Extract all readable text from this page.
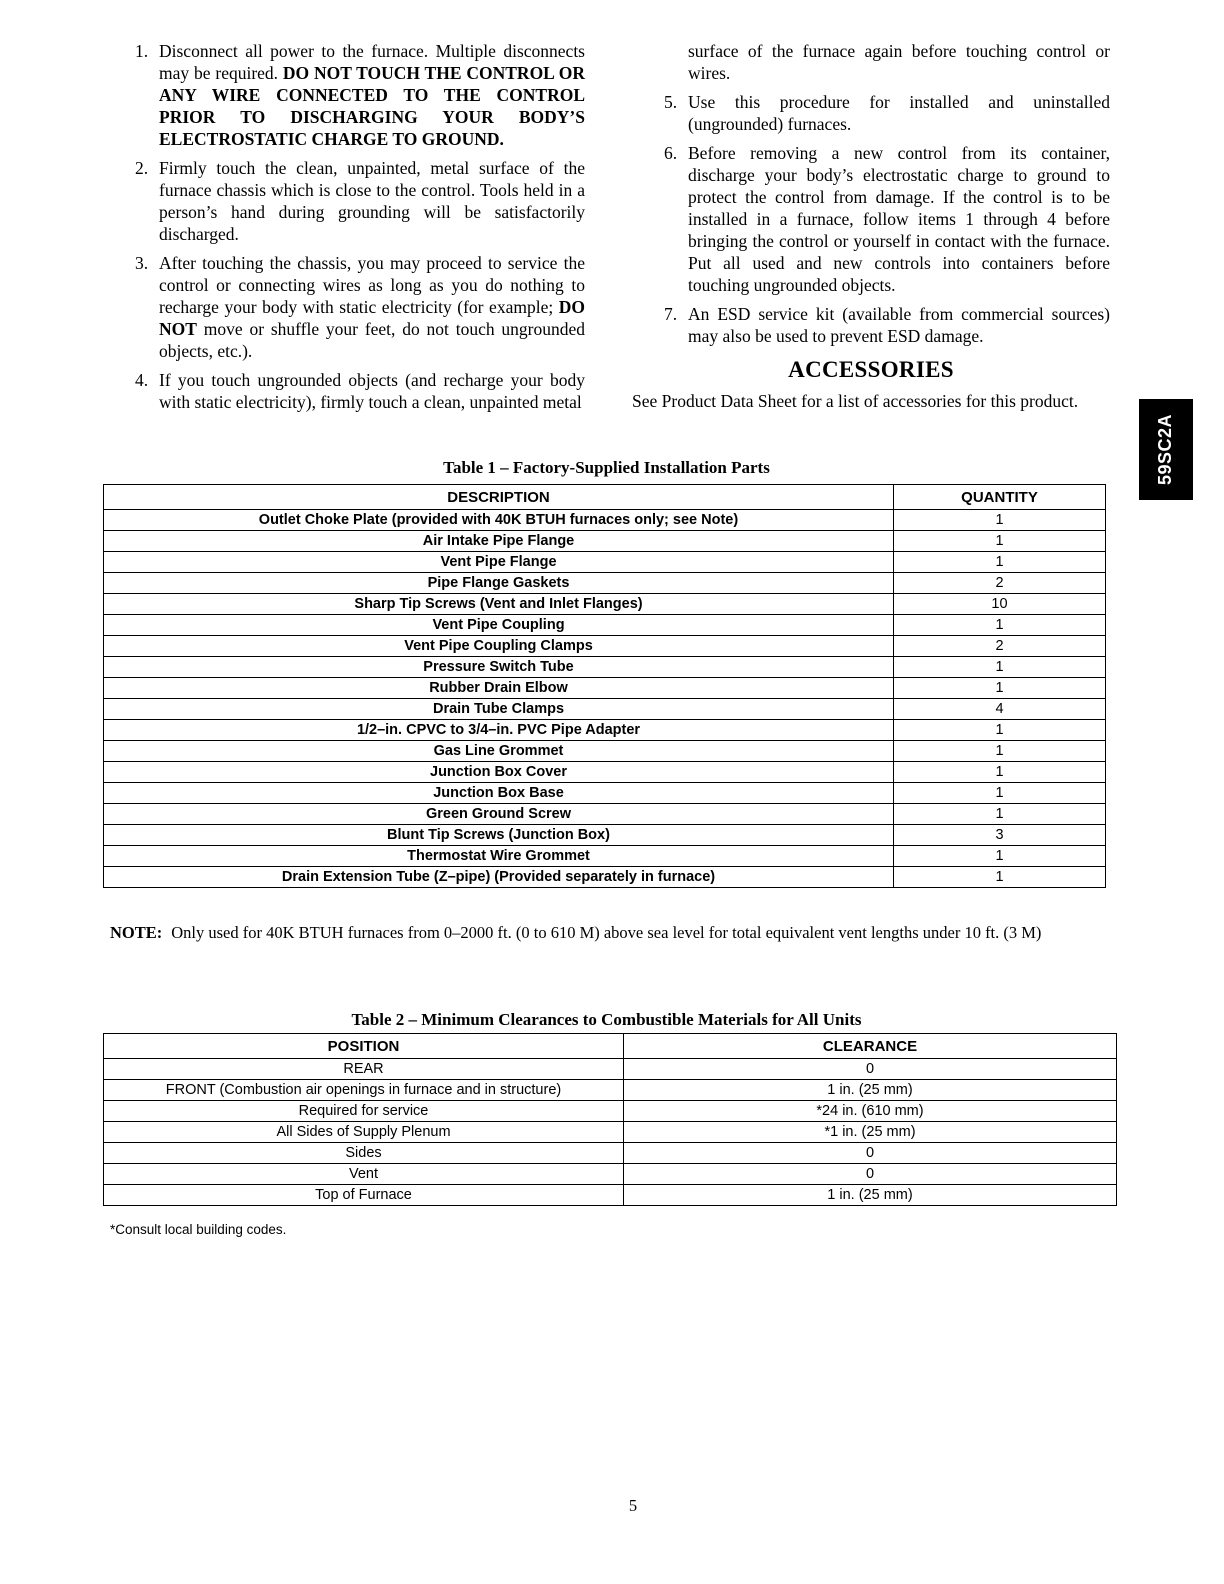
1. Disconnect all power to the furnace. Multiple disconnects may be required. DO NOT TOUCH THE CONTROL OR ANY WIRE CONNECTED TO THE CONTROL PRIOR TO DISCHARGING YOUR BODY’S ELECTROSTATIC CHARGE TO GROUND.
2. Firmly touch the clean, unpainted, metal surface of the furnace chassis which is close to the control. Tools held in a person’s hand during grounding will be satisfactorily discharged.
3. After touching the chassis, you may proceed to service the control or connecting wires as long as you do nothing to recharge your body with static electricity (for example; DO NOT move or shuffle your feet, do not touch ungrounded objects, etc.).
4. If you touch ungrounded objects (and recharge your body with static electricity), firmly touch a clean, unpainted metal

surface of the furnace again before touching control or wires.

5. Use this procedure for installed and uninstalled (ungrounded) furnaces.
6. Before removing a new control from its container, discharge your body’s electrostatic charge to ground to protect the control from damage. If the control is to be installed in a furnace, follow items 1 through 4 before bringing the control or yourself in contact with the furnace. Put all used and new controls into containers before touching ungrounded objects.
7. An ESD service kit (available from commercial sources) may also be used to prevent ESD damage.
ACCESSORIES

See Product Data Sheet for a list of accessories for this product.

Table 1 – Factory-Supplied Installation Parts
DESCRIPTION	QUANTITY
Outlet Choke Plate (provided with 40K BTUH furnaces only; see Note)	1
Air Intake Pipe Flange	1
Vent Pipe Flange	1
Pipe Flange Gaskets	2
Sharp Tip Screws (Vent and Inlet Flanges)	10
Vent Pipe Coupling	1
Vent Pipe Coupling Clamps	2
Pressure Switch Tube	1
Rubber Drain Elbow	1
Drain Tube Clamps	4
1/2–in. CPVC to 3/4–in. PVC Pipe Adapter	1
Gas Line Grommet	1
Junction Box Cover	1
Junction Box Base	1
Green Ground Screw	1
Blunt Tip Screws (Junction Box)	3
Thermostat Wire Grommet	1
Drain Extension Tube (Z–pipe) (Provided separately in furnace)	1

NOTE: Only used for 40K BTUH furnaces from 0–2000 ft. (0 to 610 M) above sea level for total equivalent vent lengths under 10 ft. (3 M)

Table 2 – Minimum Clearances to Combustible Materials for All Units
POSITION	CLEARANCE
REAR	0
FRONT (Combustion air openings in furnace and in structure)	1 in. (25 mm)
Required for service	*24 in. (610 mm)
All Sides of Supply Plenum	*1 in. (25 mm)
Sides	0
Vent	0
Top of Furnace	1 in. (25 mm)

*Consult local building codes.

59SC2A
5
